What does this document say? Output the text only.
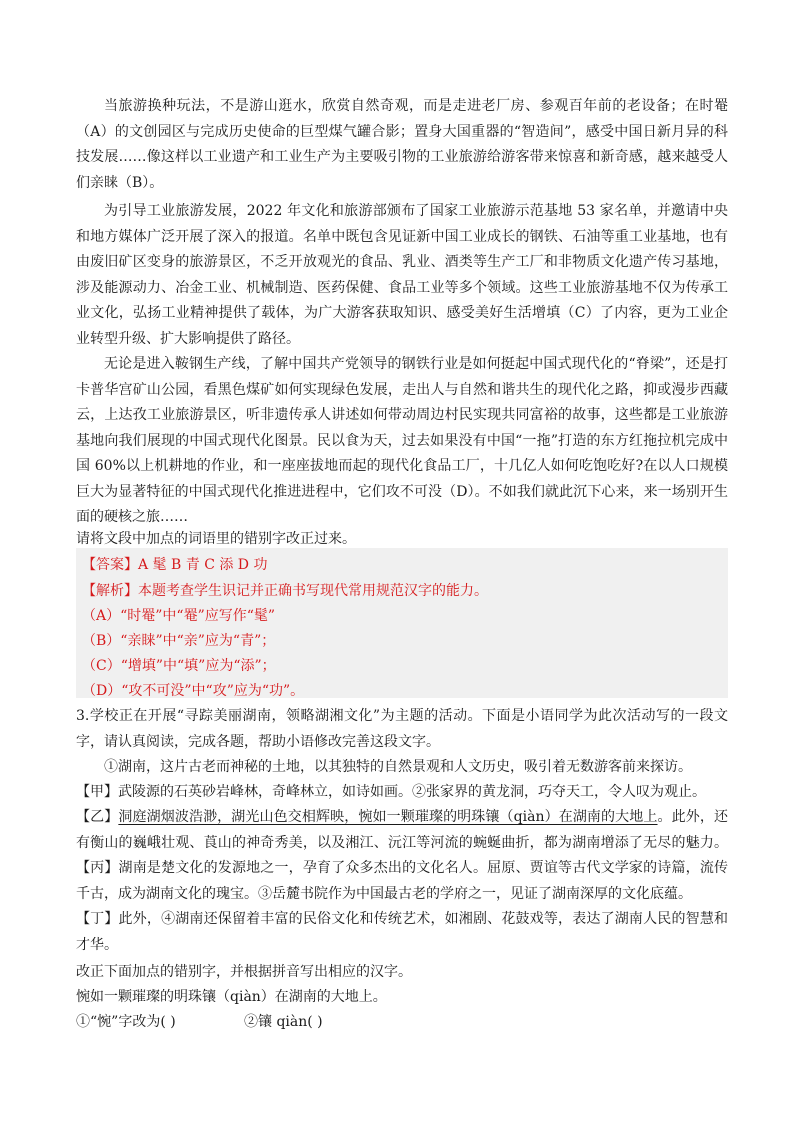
当旅游换种玩法，不是游山逛水，欣赏自然奇观，而是走进老厂房、参观百年前的老设备；在时罨（A）的文创园区与完成历史使命的巨型煤气罐合影；置身大国重器的“智造间”，感受中国日新月异的科技发展……像这样以工业遗产和工业生产为主要吸引物的工业旅游给游客带来惊喜和新奇感，越来越受人们亲睐（B）。

为引导工业旅游发展，2022 年文化和旅游部颁布了国家工业旅游示范基地 53 家名单，并邀请中央和地方媒体广泛开展了深入的报道。名单中既包含见证新中国工业成长的钢铁、石油等重工业基地，也有由废旧矿区变身的旅游景区，不乏开放观光的食品、乳业、酒类等生产工厂和非物质文化遗产传习基地，涉及能源动力、冶金工业、机械制造、医药保健、食品工业等多个领域。这些工业旅游基地不仅为传承工业文化，弘扬工业精神提供了载体，为广大游客获取知识、感受美好生活增填（C）了内容，更为工业企业转型升级、扩大影响提供了路径。

无论是进入鞍钢生产线，了解中国共产党领导的钢铁行业是如何挺起中国式现代化的“脊梁”，还是打卡普华宫矿山公园，看黑色煤矿如何实现绿色发展，走出人与自然和谐共生的现代化之路，抑或漫步西藏云，上达孜工业旅游景区，听非遗传承人讲述如何带动周边村民实现共同富裕的故事，这些都是工业旅游基地向我们展现的中国式现代化图景。民以食为天，过去如果没有中国“一拖”打造的东方红拖拉机完成中国 60%以上机耕地的作业，和一座座拔地而起的现代化食品工厂，十几亿人如何吃饱吃好?在以人口规模巨大为显著特征的中国式现代化推进进程中，它们攻不可没（D）。不如我们就此沉下心来，来一场别开生面的硬核之旅……

请将文段中加点的词语里的错别字改正过来。

【答案】A 髦 B 青 C 添 D 功

【解析】本题考查学生识记并正确书写现代常用规范汉字的能力。

（A）“时罨”中“罨”应写作“髦”

（B）“亲睐”中“亲”应为“青”；

（C）“增填”中“填”应为“添”；

（D）“攻不可没”中“攻”应为“功”。

3.学校正在开展“寻踪美丽湖南，领略湖湘文化”为主题的活动。下面是小语同学为此次活动写的一段文字，请认真阅读，完成各题，帮助小语修改完善这段文字。

①湖南，这片古老而神秘的土地，以其独特的自然景观和人文历史，吸引着无数游客前来探访。

【甲】武陵源的石英砂岩峰林，奇峰林立，如诗如画。②张家界的黄龙洞，巧夺天工，令人叹为观止。

【乙】洞庭湖烟波浩渺，湖光山色交相辉映，惋如一颗璀璨的明珠镶（qiàn）在湖南的大地上。此外，还有衡山的巍峨壮观、莨山的神奇秀美，以及湘江、沅江等河流的蜿蜒曲折，都为湖南增添了无尽的魅力。【丙】湖南是楚文化的发源地之一，孕育了众多杰出的文化名人。屈原、贾谊等古代文学家的诗篇，流传千古，成为湖南文化的瑰宝。③岳麓书院作为中国最古老的学府之一，见证了湖南深厚的文化底蕴。

【丁】此外，④湖南还保留着丰富的民俗文化和传统艺术，如湘剧、花鼓戏等，表达了湖南人民的智慧和才华。

改正下面加点的错别字，并根据拼音写出相应的汉字。

惋如一颗璀璨的明珠镶（qiàn）在湖南的大地上。

①“惋”字改为( )	②镶 qiàn( )
